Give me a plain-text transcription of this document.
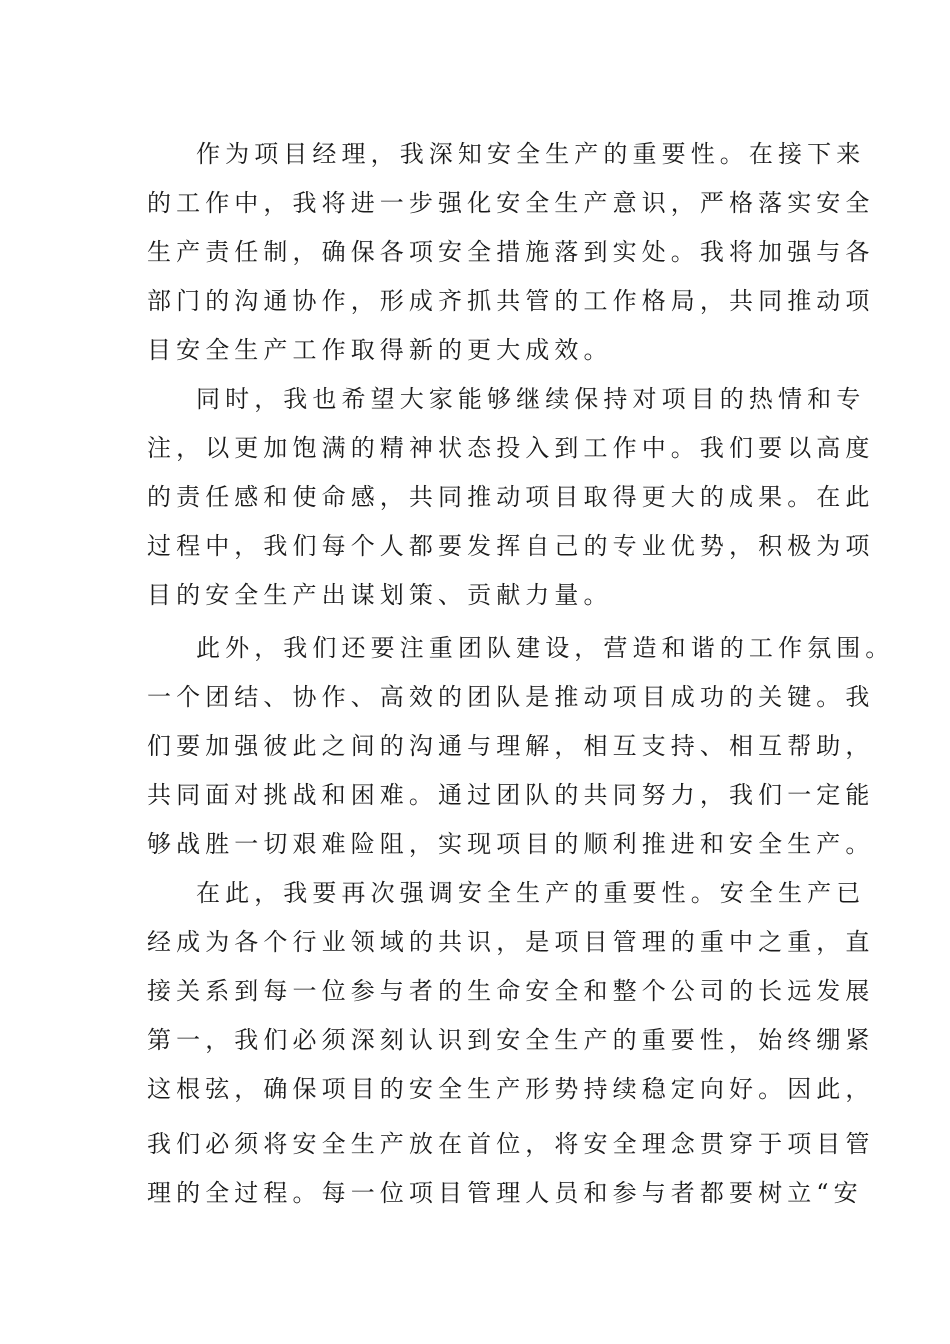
作为项目经理，我深知安全生产的重要性。在接下来
的工作中，我将进一步强化安全生产意识，严格落实安全
生产责任制，确保各项安全措施落到实处。我将加强与各
部门的沟通协作，形成齐抓共管的工作格局，共同推动项
目安全生产工作取得新的更大成效。
同时，我也希望大家能够继续保持对项目的热情和专
注，以更加饱满的精神状态投入到工作中。我们要以高度
的责任感和使命感，共同推动项目取得更大的成果。在此
过程中，我们每个人都要发挥自己的专业优势，积极为项
目的安全生产出谋划策、贡献力量。
此外，我们还要注重团队建设，营造和谐的工作氛围。
一个团结、协作、高效的团队是推动项目成功的关键。我
们要加强彼此之间的沟通与理解，相互支持、相互帮助，
共同面对挑战和困难。通过团队的共同努力，我们一定能
够战胜一切艰难险阻，实现项目的顺利推进和安全生产。
在此，我要再次强调安全生产的重要性。安全生产已
经成为各个行业领域的共识，是项目管理的重中之重，直
接关系到每一位参与者的生命安全和整个公司的长远发展
第一，我们必须深刻认识到安全生产的重要性，始终绷紧
这根弦，确保项目的安全生产形势持续稳定向好。因此，
我们必须将安全生产放在首位，将安全理念贯穿于项目管
理的全过程。每一位项目管理人员和参与者都要树立“安
